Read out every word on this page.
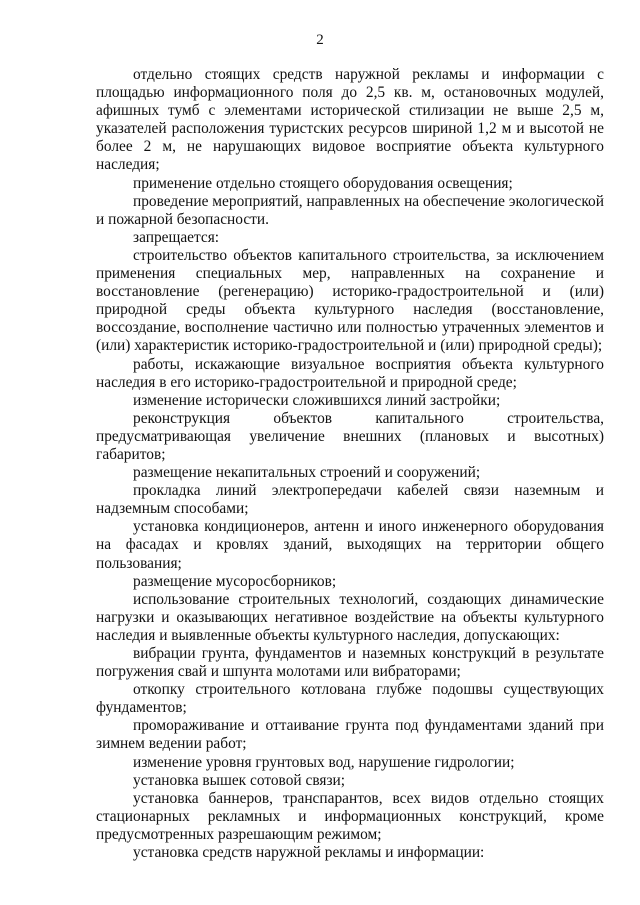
2

отдельно стоящих средств наружной рекламы и информации с площадью информационного поля до 2,5 кв. м, остановочных модулей, афишных тумб с элементами исторической стилизации не выше 2,5 м, указателей расположения туристских ресурсов шириной 1,2 м и высотой не более 2 м, не нарушающих видовое восприятие объекта культурного наследия;

применение отдельно стоящего оборудования освещения;

проведение мероприятий, направленных на обеспечение экологической и пожарной безопасности.

запрещается:

строительство объектов капитального строительства, за исключением применения специальных мер, направленных на сохранение и восстановление (регенерацию) историко-градостроительной и (или) природной среды объекта культурного наследия (восстановление, воссоздание, восполнение частично или полностью утраченных элементов и (или) характеристик историко-градостроительной и (или) природной среды);

работы, искажающие визуальное восприятия объекта культурного наследия в его историко-градостроительной и природной среде;

изменение исторически сложившихся линий застройки;

реконструкция объектов капитального строительства, предусматривающая увеличение внешних (плановых и высотных) габаритов;

размещение некапитальных строений и сооружений;

прокладка линий электропередачи кабелей связи наземным и надземным способами;

установка кондиционеров, антенн и иного инженерного оборудования на фасадах и кровлях зданий, выходящих на территории общего пользования;

размещение мусоросборников;

использование строительных технологий, создающих динамические нагрузки и оказывающих негативное воздействие на объекты культурного наследия и выявленные объекты культурного наследия, допускающих:

вибрации грунта, фундаментов и наземных конструкций в результате погружения свай и шпунта молотами или вибраторами;

откопку строительного котлована глубже подошвы существующих фундаментов;

промораживание и оттаивание грунта под фундаментами зданий при зимнем ведении работ;

изменение уровня грунтовых вод, нарушение гидрологии;

установка вышек сотовой связи;

установка баннеров, транспарантов, всех видов отдельно стоящих стационарных рекламных и информационных конструкций, кроме предусмотренных разрешающим режимом;

установка средств наружной рекламы и информации:
